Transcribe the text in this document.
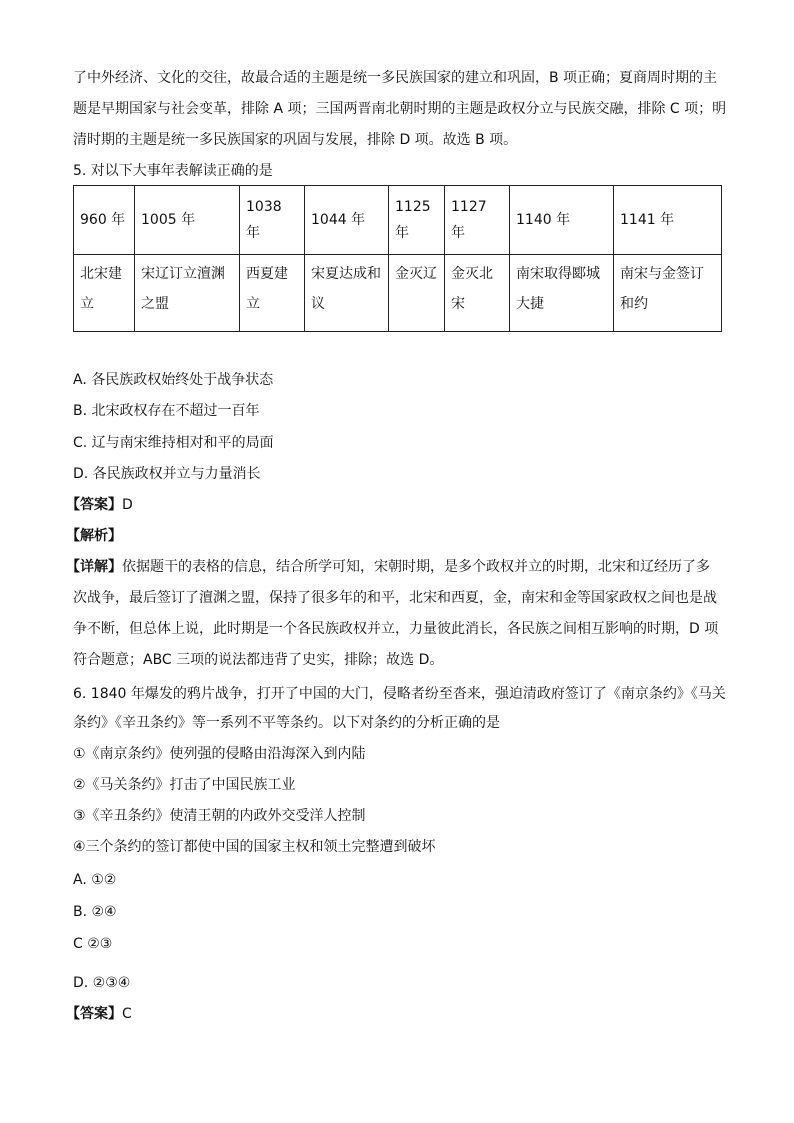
了中外经济、文化的交往，故最合适的主题是统一多民族国家的建立和巩固，B 项正确；夏商周时期的主
题是早期国家与社会变革，排除 A 项；三国两晋南北朝时期的主题是政权分立与民族交融，排除 C 项；明
清时期的主题是统一多民族国家的巩固与发展，排除 D 项。故选 B 项。
5. 对以下大事年表解读正确的是
960 年	1005 年	1038 年	1044 年	1125 年	1127 年	1140 年	1141 年
北宋建立	宋辽订立澶渊之盟	西夏建立	宋夏达成和议	金灭辽	金灭北宋	南宋取得郾城大捷	南宋与金签订和约
A. 各民族政权始终处于战争状态
B. 北宋政权存在不超过一百年
C. 辽与南宋维持相对和平的局面
D. 各民族政权并立与力量消长
【答案】D
【解析】
【详解】依据题干的表格的信息，结合所学可知，宋朝时期，是多个政权并立的时期，北宋和辽经历了多
次战争，最后签订了澶渊之盟，保持了很多年的和平，北宋和西夏，金，南宋和金等国家政权之间也是战
争不断，但总体上说，此时期是一个各民族政权并立，力量彼此消长，各民族之间相互影响的时期，D 项
符合题意；ABC 三项的说法都违背了史实，排除；故选 D。
6. 1840 年爆发的鸦片战争，打开了中国的大门，侵略者纷至沓来，强迫清政府签订了《南京条约》《马关
条约》《辛丑条约》等一系列不平等条约。以下对条约的分析正确的是
①《南京条约》使列强的侵略由沿海深入到内陆
②《马关条约》打击了中国民族工业
③《辛丑条约》使清王朝的内政外交受洋人控制
④三个条约的签订都使中国的国家主权和领土完整遭到破坏
A. ①②
B. ②④
C ②③
D. ②③④
【答案】C
